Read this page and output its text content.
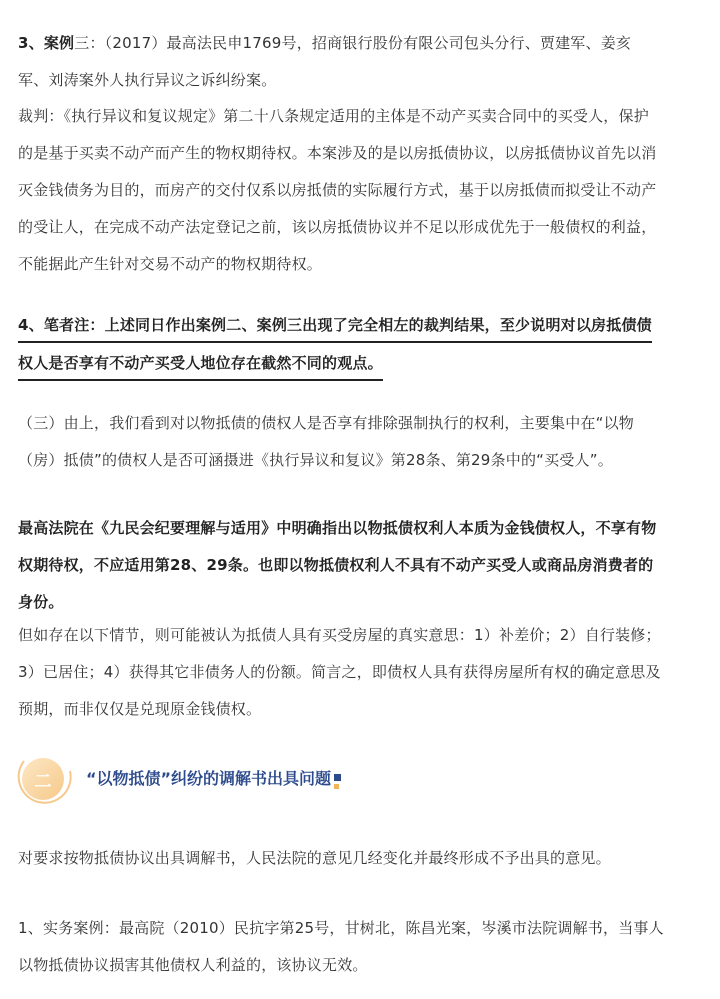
3、案例三：（2017）最高法民申1769号，招商银行股份有限公司包头分行、贾建军、姜亥
军、刘涛案外人执行异议之诉纠纷案。
裁判：《执行异议和复议规定》第二十八条规定适用的主体是不动产买卖合同中的买受人，保护
的是基于买卖不动产而产生的物权期待权。本案涉及的是以房抵债协议，以房抵债协议首先以消
灭金钱债务为目的，而房产的交付仅系以房抵债的实际履行方式，基于以房抵债而拟受让不动产
的受让人，在完成不动产法定登记之前，该以房抵债协议并不足以形成优先于一般债权的利益，
不能据此产生针对交易不动产的物权期待权。
4、笔者注：上述同日作出案例二、案例三出现了完全相左的裁判结果，至少说明对以房抵债债
权人是否享有不动产买受人地位存在截然不同的观点。
（三）由上，我们看到对以物抵债的债权人是否享有排除强制执行的权利，主要集中在“以物
（房）抵债”的债权人是否可涵摄进《执行异议和复议》第28条、第29条中的“买受人”。
最高法院在《九民会纪要理解与适用》中明确指出以物抵债权利人本质为金钱债权人，不享有物
权期待权，不应适用第28、29条。也即以物抵债权利人不具有不动产买受人或商品房消费者的
身份。
但如存在以下情节，则可能被认为抵债人具有买受房屋的真实意思：1）补差价；2）自行装修；
3）已居住；4）获得其它非债务人的份额。简言之，即债权人具有获得房屋所有权的确定意思及
预期，而非仅仅是兑现原金钱债权。
二 “以物抵债”纠纷的调解书出具问题
对要求按物抵债协议出具调解书，人民法院的意见几经变化并最终形成不予出具的意见。
1、实务案例：最高院（2010）民抗字第25号，甘树北，陈昌光案，岑溪市法院调解书，当事人
以物抵债协议损害其他债权人利益的，该协议无效。
